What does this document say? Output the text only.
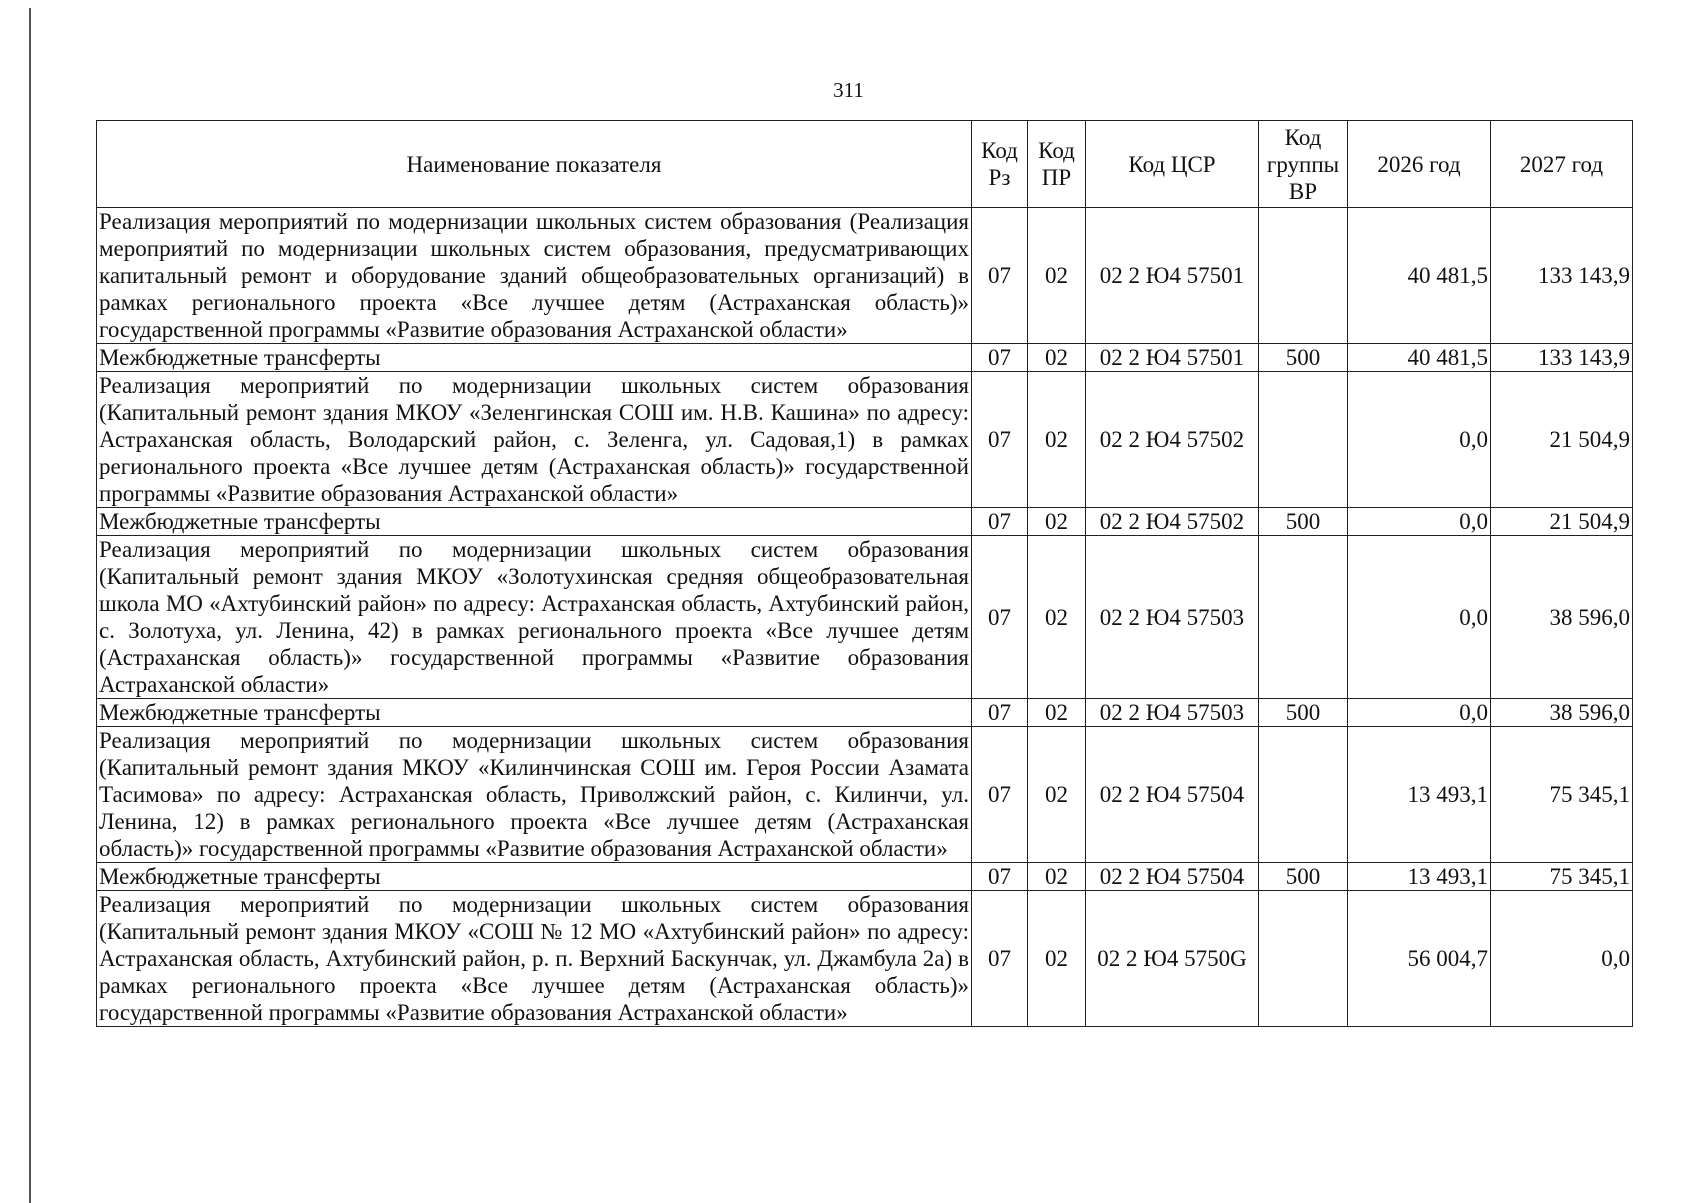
311
Наименование показателя	Код Рз	Код ПР	Код ЦСР	Код группы ВР	2026 год	2027 год
Реализация мероприятий по модернизации школьных систем образования (Реализация мероприятий по модернизации школьных систем образования, предусматривающих капитальный ремонт и оборудование зданий общеобразовательных организаций) в рамках регионального проекта «Все лучшее детям (Астраханская область)» государственной программы «Развитие образования Астраханской области»	07	02	02 2 Ю4 57501		40 481,5	133 143,9
Межбюджетные трансферты	07	02	02 2 Ю4 57501	500	40 481,5	133 143,9
Реализация мероприятий по модернизации школьных систем образования (Капитальный ремонт здания МКОУ «Зеленгинская СОШ им. Н.В. Кашина» по адресу: Астраханская область, Володарский район, с. Зеленга, ул. Садовая,1) в рамках регионального проекта «Все лучшее детям (Астраханская область)» государственной программы «Развитие образования Астраханской области»	07	02	02 2 Ю4 57502		0,0	21 504,9
Межбюджетные трансферты	07	02	02 2 Ю4 57502	500	0,0	21 504,9
Реализация мероприятий по модернизации школьных систем образования (Капитальный ремонт здания МКОУ «Золотухинская средняя общеобразовательная школа МО «Ахтубинский район» по адресу: Астраханская область, Ахтубинский район, с. Золотуха, ул. Ленина, 42) в рамках регионального проекта «Все лучшее детям (Астраханская область)» государственной программы «Развитие образования Астраханской области»	07	02	02 2 Ю4 57503		0,0	38 596,0
Межбюджетные трансферты	07	02	02 2 Ю4 57503	500	0,0	38 596,0
Реализация мероприятий по модернизации школьных систем образования (Капитальный ремонт здания МКОУ «Килинчинская СОШ им. Героя России Азамата Тасимова» по адресу: Астраханская область, Приволжский район, с. Килинчи, ул. Ленина, 12) в рамках регионального проекта «Все лучшее детям (Астраханская область)» государственной программы «Развитие образования Астраханской области»	07	02	02 2 Ю4 57504		13 493,1	75 345,1
Межбюджетные трансферты	07	02	02 2 Ю4 57504	500	13 493,1	75 345,1
Реализация мероприятий по модернизации школьных систем образования (Капитальный ремонт здания МКОУ «СОШ № 12 МО «Ахтубинский район» по адресу: Астраханская область, Ахтубинский район, р. п. Верхний Баскунчак, ул. Джамбула 2а) в рамках регионального проекта «Все лучшее детям (Астраханская область)» государственной программы «Развитие образования Астраханской области»	07	02	02 2 Ю4 5750G		56 004,7	0,0
